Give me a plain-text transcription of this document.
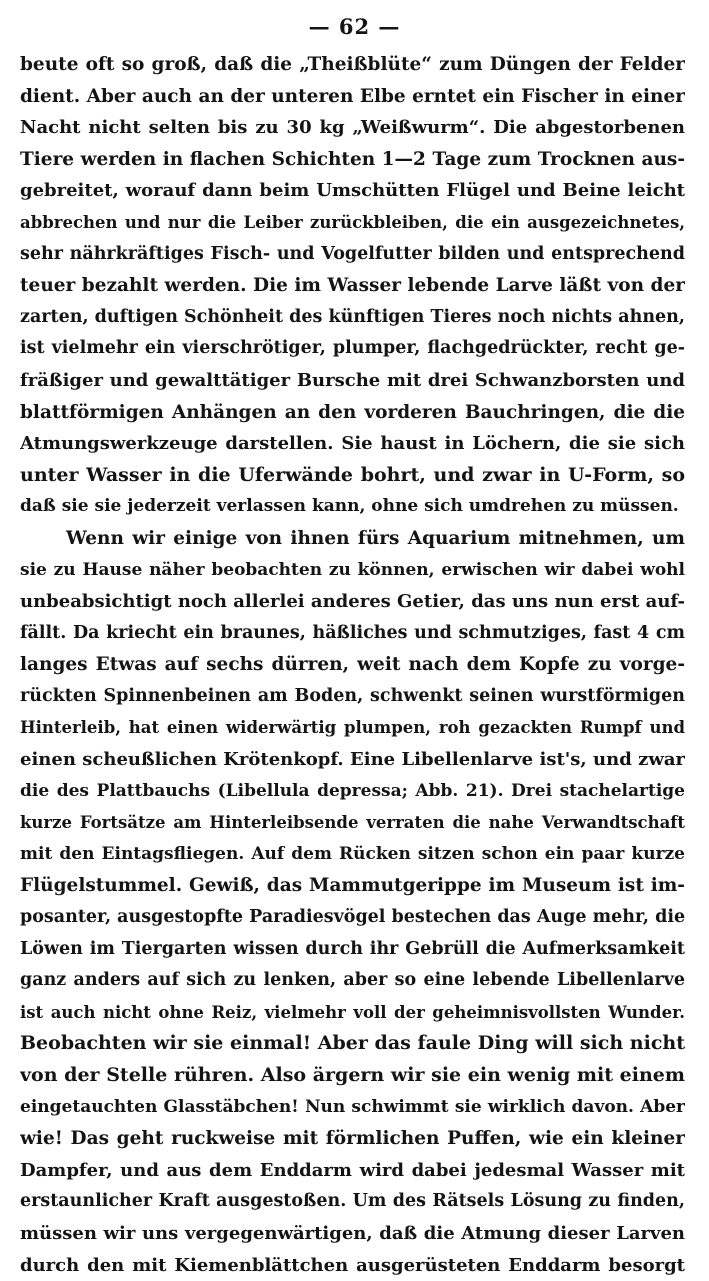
— 62 —
beute oft so groß, daß die „Theißblüte“ zum Düngen der Felder
dient. Aber auch an der unteren Elbe erntet ein Fischer in einer
Nacht nicht selten bis zu 30 kg „Weißwurm“. Die abgestorbenen
Tiere werden in flachen Schichten 1—2 Tage zum Trocknen aus-
gebreitet, worauf dann beim Umschütten Flügel und Beine leicht
abbrechen und nur die Leiber zurückbleiben, die ein ausgezeichnetes,
sehr nährkräftiges Fisch- und Vogelfutter bilden und entsprechend
teuer bezahlt werden. Die im Wasser lebende Larve läßt von der
zarten, duftigen Schönheit des künftigen Tieres noch nichts ahnen,
ist vielmehr ein vierschrötiger, plumper, flachgedrückter, recht ge-
fräßiger und gewalttätiger Bursche mit drei Schwanzborsten und
blattförmigen Anhängen an den vorderen Bauchringen, die die
Atmungswerkzeuge darstellen. Sie haust in Löchern, die sie sich
unter Wasser in die Uferwände bohrt, und zwar in U-Form, so
daß sie sie jederzeit verlassen kann, ohne sich umdrehen zu müssen.
Wenn wir einige von ihnen fürs Aquarium mitnehmen, um
sie zu Hause näher beobachten zu können, erwischen wir dabei wohl
unbeabsichtigt noch allerlei anderes Getier, das uns nun erst auf-
fällt. Da kriecht ein braunes, häßliches und schmutziges, fast 4 cm
langes Etwas auf sechs dürren, weit nach dem Kopfe zu vorge-
rückten Spinnenbeinen am Boden, schwenkt seinen wurstförmigen
Hinterleib, hat einen widerwärtig plumpen, roh gezackten Rumpf und
einen scheußlichen Krötenkopf. Eine Libellenlarve ist's, und zwar
die des Plattbauchs (Libellula depressa; Abb. 21). Drei stachelartige
kurze Fortsätze am Hinterleibsende verraten die nahe Verwandtschaft
mit den Eintagsfliegen. Auf dem Rücken sitzen schon ein paar kurze
Flügelstummel. Gewiß, das Mammutgerippe im Museum ist im-
posanter, ausgestopfte Paradiesvögel bestechen das Auge mehr, die
Löwen im Tiergarten wissen durch ihr Gebrüll die Aufmerksamkeit
ganz anders auf sich zu lenken, aber so eine lebende Libellenlarve
ist auch nicht ohne Reiz, vielmehr voll der geheimnisvollsten Wunder.
Beobachten wir sie einmal! Aber das faule Ding will sich nicht
von der Stelle rühren. Also ärgern wir sie ein wenig mit einem
eingetauchten Glasstäbchen! Nun schwimmt sie wirklich davon. Aber
wie! Das geht ruckweise mit förmlichen Puffen, wie ein kleiner
Dampfer, und aus dem Enddarm wird dabei jedesmal Wasser mit
erstaunlicher Kraft ausgestoßen. Um des Rätsels Lösung zu finden,
müssen wir uns vergegenwärtigen, daß die Atmung dieser Larven
durch den mit Kiemenblättchen ausgerüsteten Enddarm besorgt
